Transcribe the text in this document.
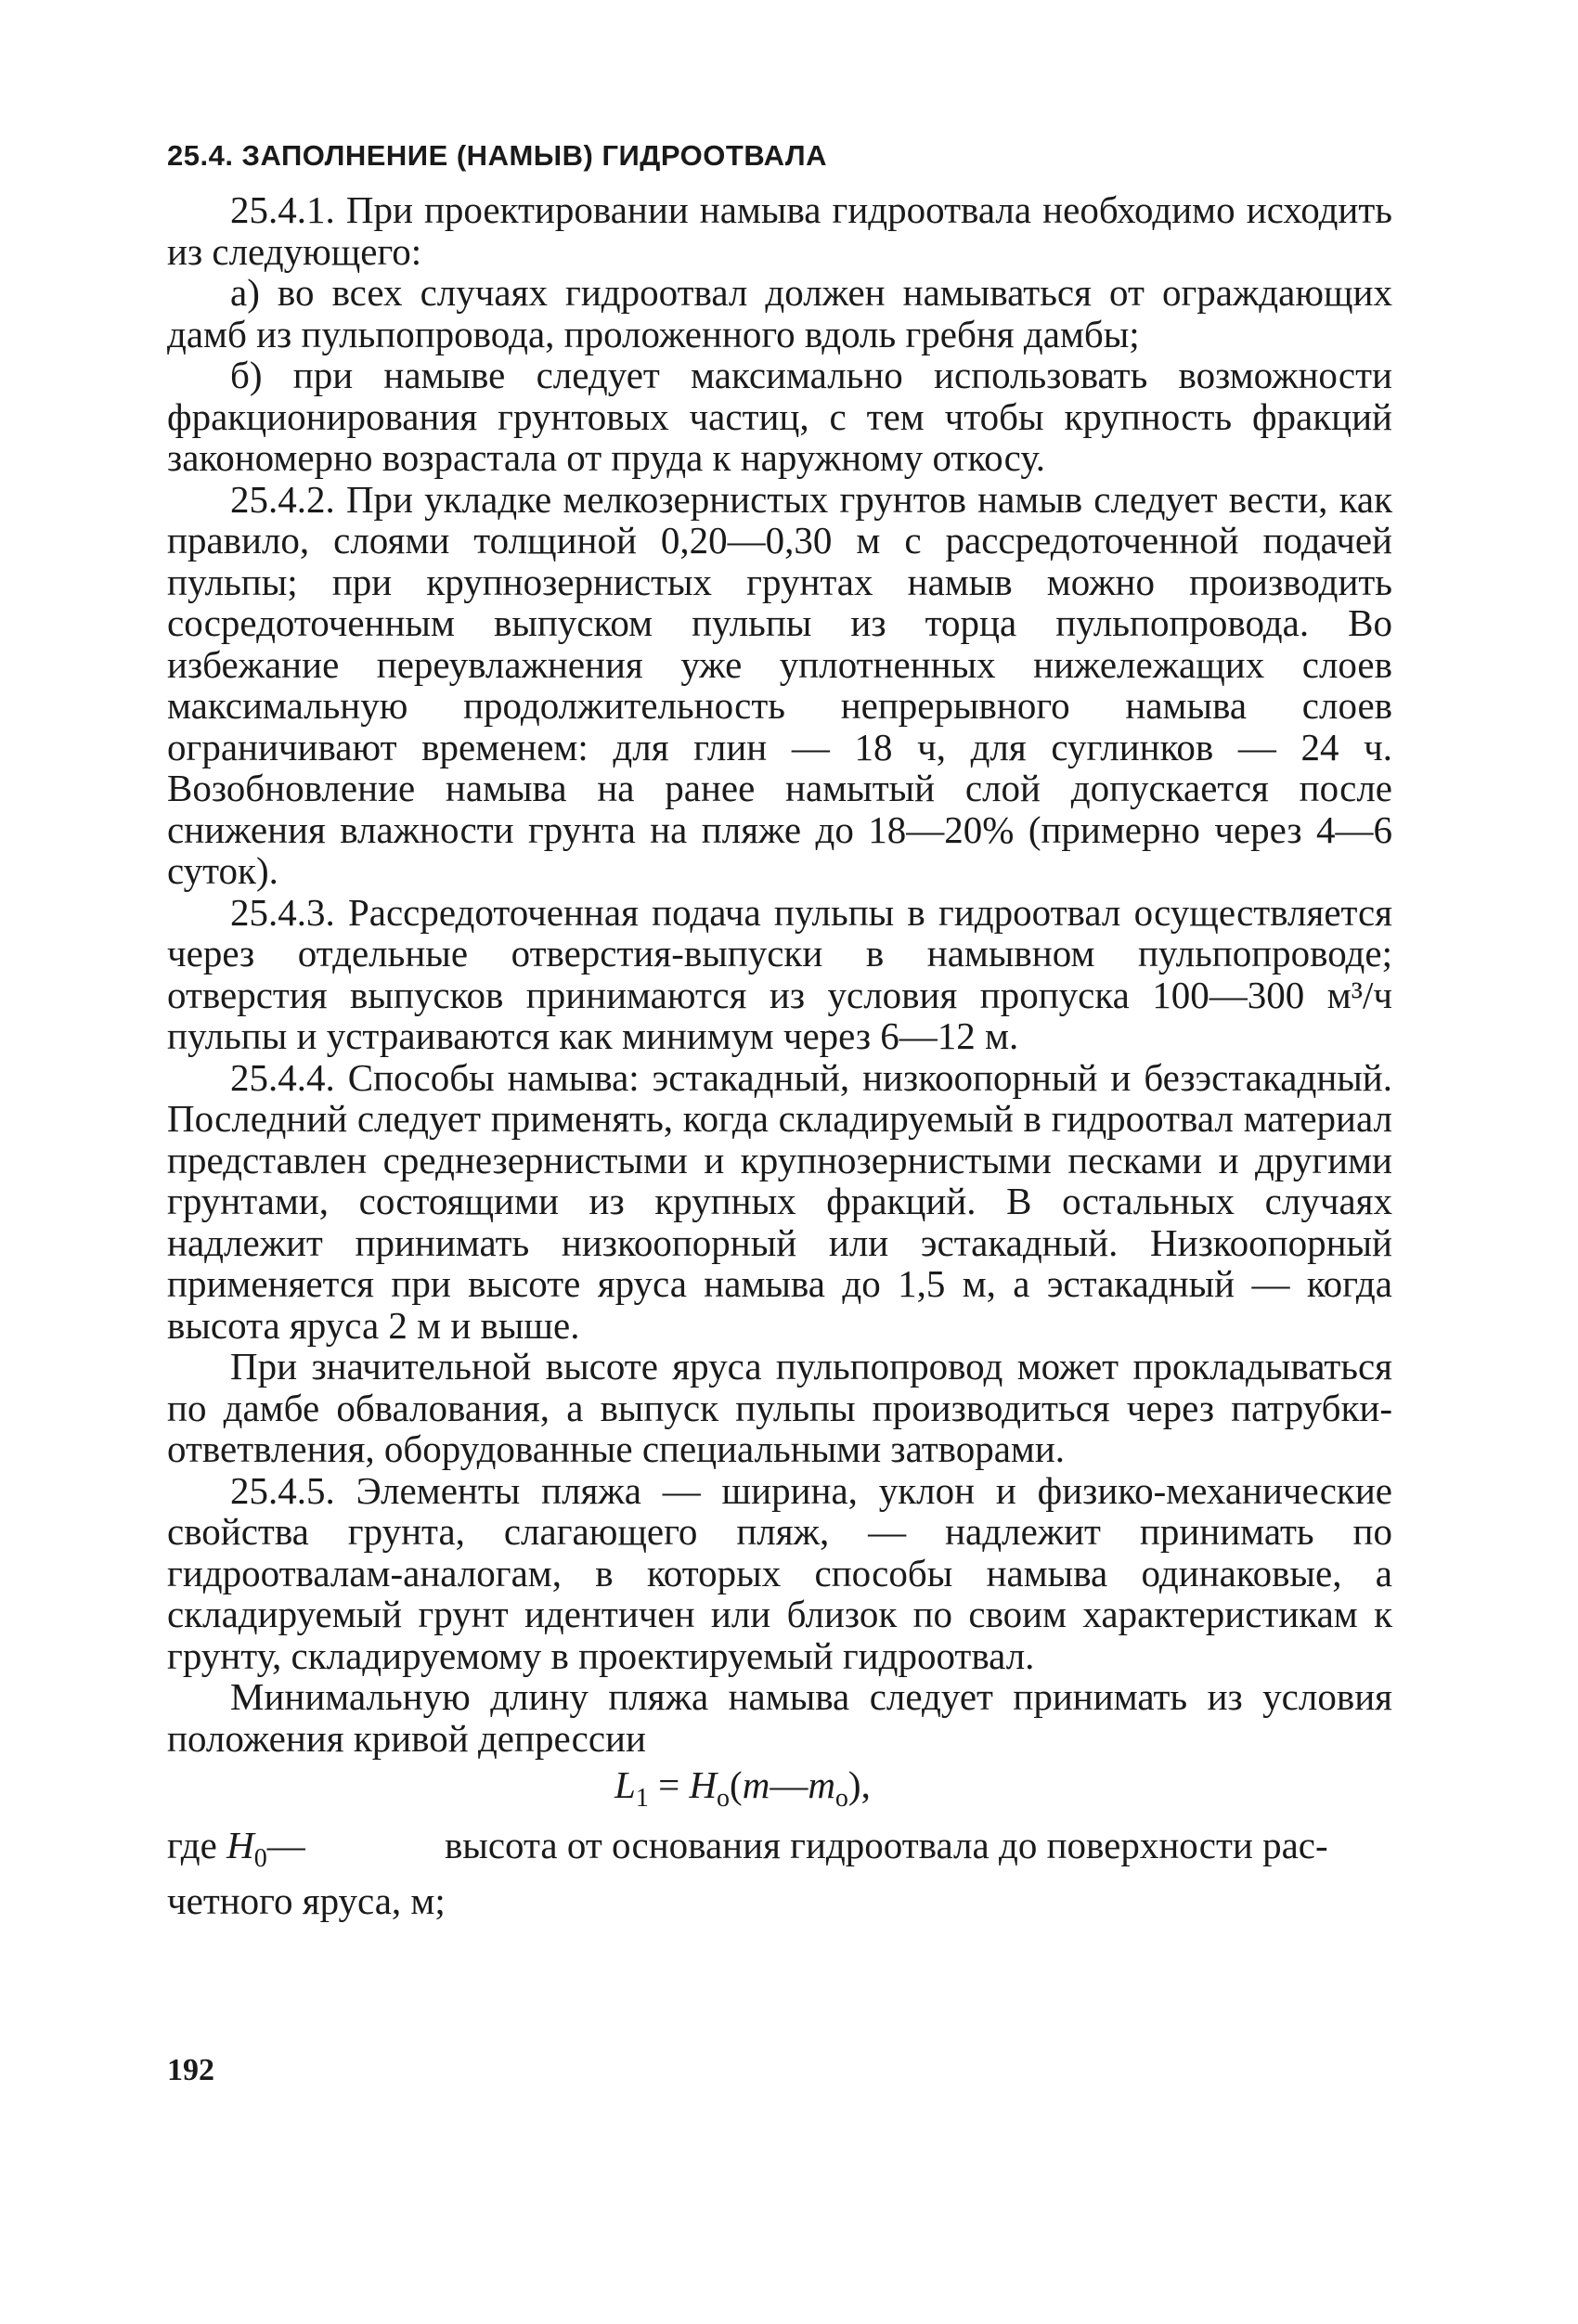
25.4. ЗАПОЛНЕНИЕ (НАМЫВ) ГИДРООТВАЛА

25.4.1. При проектировании намыва гидроотвала необходимо исходить из следующего:

а) во всех случаях гидроотвал должен намываться от ограждающих дамб из пульпопровода, проложенного вдоль гребня дамбы;

б) при намыве следует максимально использовать возможности фракционирования грунтовых частиц, с тем чтобы крупность фракций закономерно возрастала от пруда к наружному откосу.

25.4.2. При укладке мелкозернистых грунтов намыв следует вести, как правило, слоями толщиной 0,20—0,30 м с рассредоточенной подачей пульпы; при крупнозернистых грунтах намыв можно производить сосредоточенным выпуском пульпы из торца пульпопровода. Во избежание переувлажнения уже уплотненных нижележащих слоев максимальную продолжительность непрерывного намыва слоев ограничивают временем: для глин — 18 ч, для суглинков — 24 ч. Возобновление намыва на ранее намытый слой допускается после снижения влажности грунта на пляже до 18—20% (примерно через 4—6 суток).

25.4.3. Рассредоточенная подача пульпы в гидроотвал осуществляется через отдельные отверстия-выпуски в намывном пульпопроводе; отверстия выпусков принимаются из условия пропуска 100—300 м³/ч пульпы и устраиваются как минимум через 6—12 м.

25.4.4. Способы намыва: эстакадный, низкоопорный и безэстакадный. Последний следует применять, когда складируемый в гидроотвал материал представлен среднезернистыми и крупнозернистыми песками и другими грунтами, состоящими из крупных фракций. В остальных случаях надлежит принимать низкоопорный или эстакадный. Низкоопорный применяется при высоте яруса намыва до 1,5 м, а эстакадный — когда высота яруса 2 м и выше.

При значительной высоте яруса пульпопровод может прокладываться по дамбе обвалования, а выпуск пульпы производиться через патрубки-ответвления, оборудованные специальными затворами.

25.4.5. Элементы пляжа — ширина, уклон и физико-механические свойства грунта, слагающего пляж, — надлежит принимать по гидроотвалам-аналогам, в которых способы намыва одинаковые, а складируемый грунт идентичен или близок по своим характеристикам к грунту, складируемому в проектируемый гидроотвал.

Минимальную длину пляжа намыва следует принимать из условия положения кривой депрессии

$L_1$ = $H_o(m—m_o)$,
где $H_0—$	высота от основания гидроотвала до поверхности расчетного яруса, м;
192
